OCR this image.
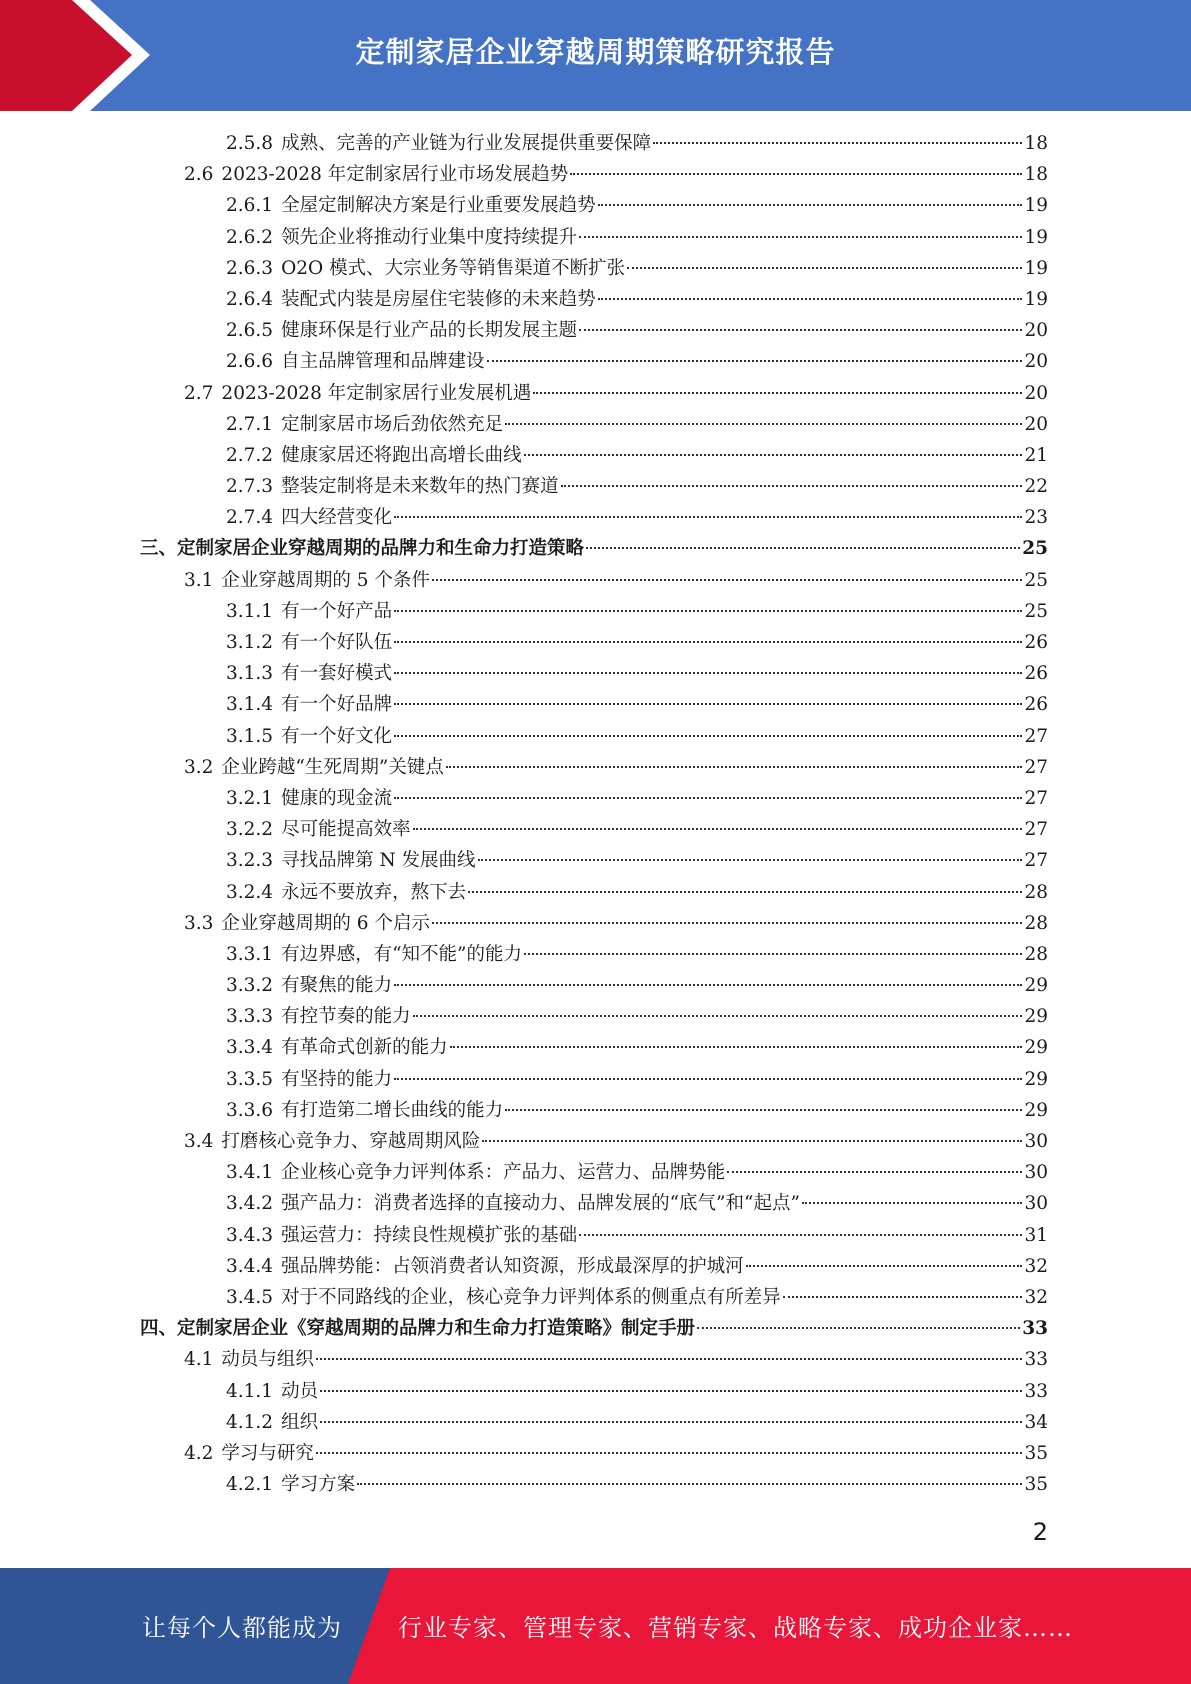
定制家居企业穿越周期策略研究报告
2.5.8 成熟、完善的产业链为行业发展提供重要保障	18
2.6 2023-2028 年定制家居行业市场发展趋势	18
2.6.1 全屋定制解决方案是行业重要发展趋势	19
2.6.2 领先企业将推动行业集中度持续提升	19
2.6.3 O2O 模式、大宗业务等销售渠道不断扩张	19
2.6.4 装配式内装是房屋住宅装修的未来趋势	19
2.6.5 健康环保是行业产品的长期发展主题	20
2.6.6 自主品牌管理和品牌建设	20
2.7 2023-2028 年定制家居行业发展机遇	20
2.7.1 定制家居市场后劲依然充足	20
2.7.2 健康家居还将跑出高增长曲线	21
2.7.3 整装定制将是未来数年的热门赛道	22
2.7.4 四大经营变化	23
三、 定制家居企业穿越周期的品牌力和生命力打造策略	25
3.1 企业穿越周期的 5 个条件	25
3.1.1 有一个好产品	25
3.1.2 有一个好队伍	26
3.1.3 有一套好模式	26
3.1.4 有一个好品牌	26
3.1.5 有一个好文化	27
3.2 企业跨越“生死周期”关键点	27
3.2.1 健康的现金流	27
3.2.2 尽可能提高效率	27
3.2.3 寻找品牌第 N 发展曲线	27
3.2.4 永远不要放弃，熬下去	28
3.3 企业穿越周期的 6 个启示	28
3.3.1 有边界感，有“知不能”的能力	28
3.3.2 有聚焦的能力	29
3.3.3 有控节奏的能力	29
3.3.4 有革命式创新的能力	29
3.3.5 有坚持的能力	29
3.3.6 有打造第二增长曲线的能力	29
3.4 打磨核心竞争力、穿越周期风险	30
3.4.1 企业核心竞争力评判体系：产品力、运营力、品牌势能	30
3.4.2 强产品力：消费者选择的直接动力、品牌发展的“底气”和“起点”	30
3.4.3 强运营力：持续良性规模扩张的基础	31
3.4.4 强品牌势能：占领消费者认知资源，形成最深厚的护城河	32
3.4.5 对于不同路线的企业，核心竞争力评判体系的侧重点有所差异	32
四、 定制家居企业《穿越周期的品牌力和生命力打造策略》制定手册	33
4.1 动员与组织	33
4.1.1 动员	33
4.1.2 组织	34
4.2 学习与研究	35
4.2.1 学习方案	35
2
让每个人都能成为 行业专家、管理专家、营销专家、战略专家、成功企业家……
